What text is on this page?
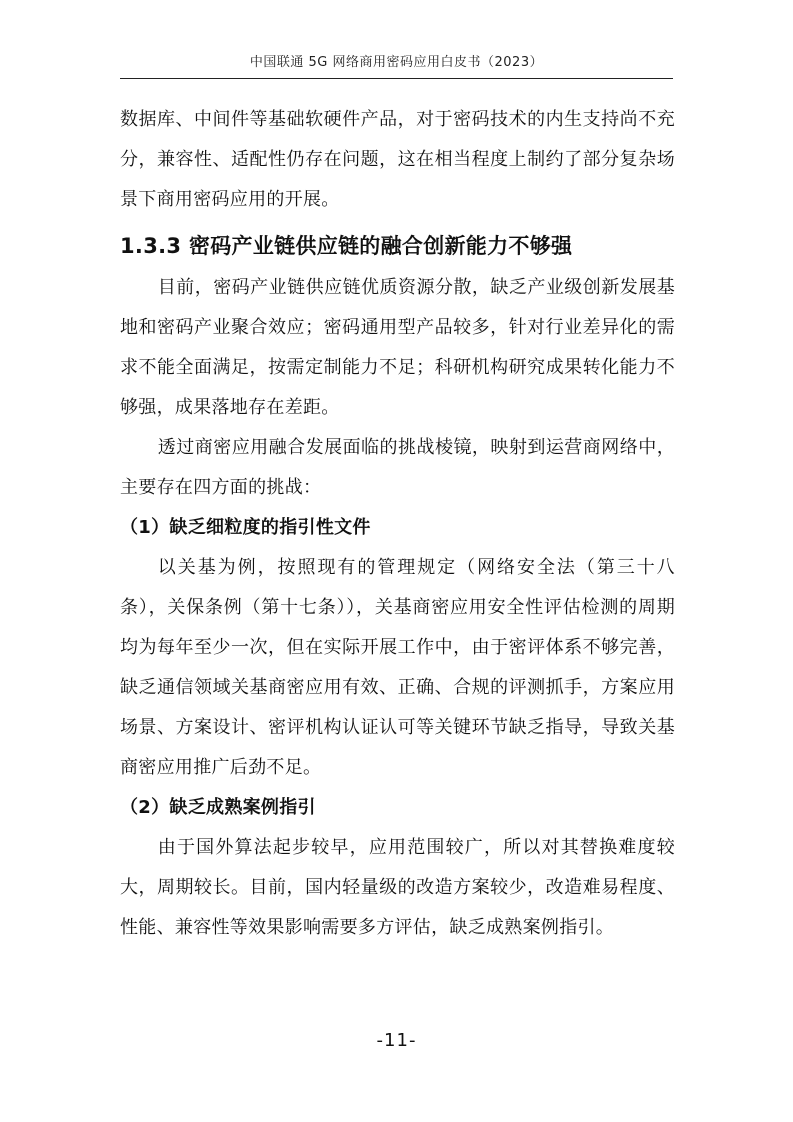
中国联通 5G 网络商用密码应用白皮书（2023）

数据库、中间件等基础软硬件产品，对于密码技术的内生支持尚不充分，兼容性、适配性仍存在问题，这在相当程度上制约了部分复杂场景下商用密码应用的开展。

1.3.3 密码产业链供应链的融合创新能力不够强

目前，密码产业链供应链优质资源分散，缺乏产业级创新发展基地和密码产业聚合效应；密码通用型产品较多，针对行业差异化的需求不能全面满足，按需定制能力不足；科研机构研究成果转化能力不够强，成果落地存在差距。

透过商密应用融合发展面临的挑战棱镜，映射到运营商网络中，主要存在四方面的挑战：

（1）缺乏细粒度的指引性文件

以关基为例，按照现有的管理规定（网络安全法（第三十八条），关保条例（第十七条）），关基商密应用安全性评估检测的周期均为每年至少一次，但在实际开展工作中，由于密评体系不够完善，缺乏通信领域关基商密应用有效、正确、合规的评测抓手，方案应用场景、方案设计、密评机构认证认可等关键环节缺乏指导，导致关基商密应用推广后劲不足。

（2）缺乏成熟案例指引

由于国外算法起步较早，应用范围较广，所以对其替换难度较大，周期较长。目前，国内轻量级的改造方案较少，改造难易程度、性能、兼容性等效果影响需要多方评估，缺乏成熟案例指引。

-11-
